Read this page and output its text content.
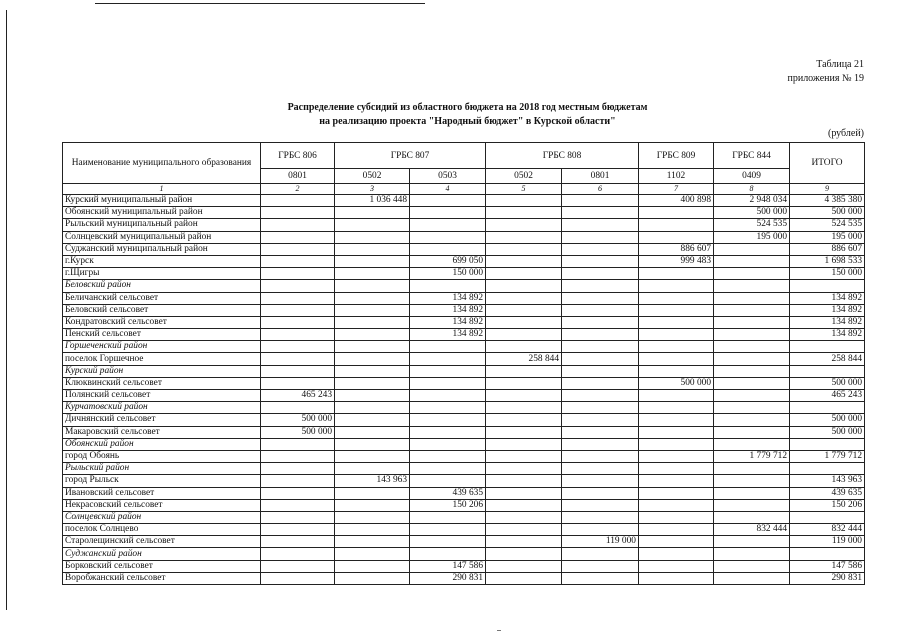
Таблица 21
приложения № 19
Распределение субсидий из областного бюджета на 2018 год местным бюджетам
на реализацию проекта "Народный бюджет" в Курской области"
(рублей)
Наименование муниципального образования	ГРБС 806	ГРБС 807		ГРБС 808		ГРБС 809	ГРБС 844	ИТОГО
	0801	0502	0503	0502	0801	1102	0409	
1	2	3	4	5	6	7	8	9
Курский муниципальный район		1 036 448				400 898	2 948 034	4 385 380
Обоянский муниципальный район							500 000	500 000
Рыльский муниципальный район							524 535	524 535
Солнцевский муниципальный район							195 000	195 000
Суджанский муниципальный район						886 607		886 607
г.Курск			699 050			999 483		1 698 533
г.Щигры			150 000					150 000
Беловский район								
Беличанский сельсовет			134 892					134 892
Беловский сельсовет			134 892					134 892
Кондратовский сельсовет			134 892					134 892
Пенский сельсовет			134 892					134 892
Горшеченский район								
поселок Горшечное				258 844				258 844
Курский район								
Клюквинский сельсовет						500 000		500 000
Полянский сельсовет	465 243							465 243
Курчатовский район								
Дичнянский сельсовет	500 000							500 000
Макаровский сельсовет	500 000							500 000
Обоянский район								
город Обоянь							1 779 712	1 779 712
Рыльский район								
город Рыльск		143 963						143 963
Ивановский сельсовет			439 635					439 635
Некрасовский сельсовет			150 206					150 206
Солнцевский район								
поселок Солнцево							832 444	832 444
Старолещинский сельсовет					119 000			119 000
Суджанский район								
Борковский сельсовет			147 586					147 586
Воробжанский сельсовет			290 831					290 831
